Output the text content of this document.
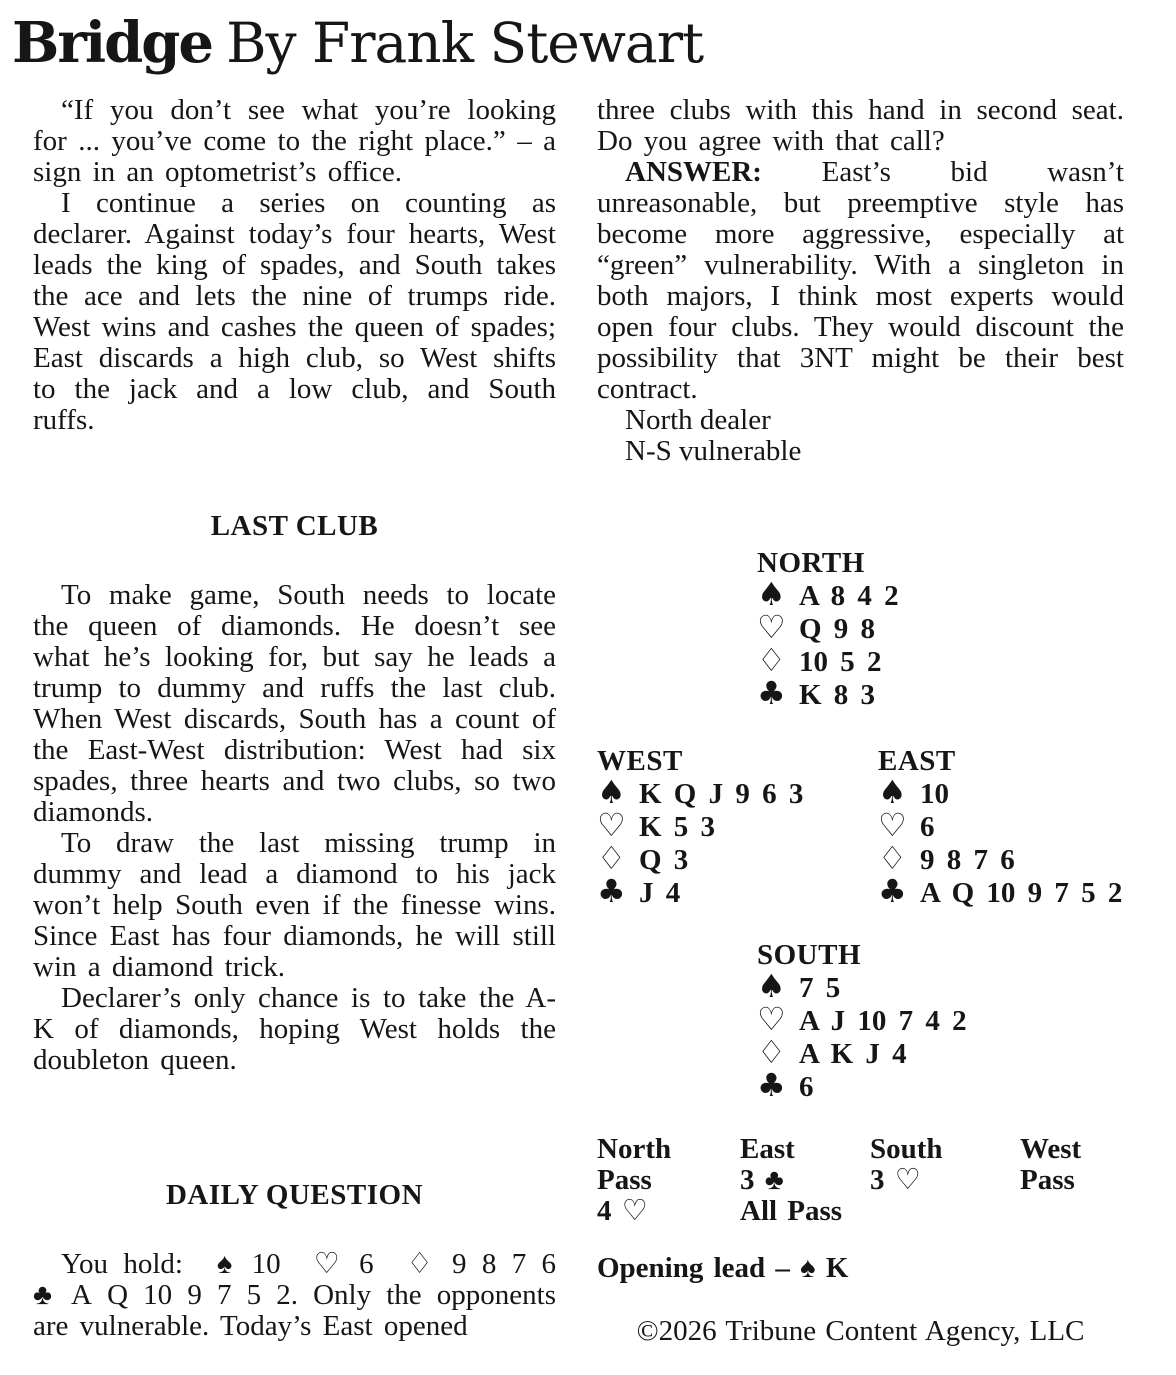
Bridge By Frank Stewart

“If you don’t see what you’re looking for ... you’ve come to the right place.” – a sign in an optometrist’s office.

I continue a series on counting as declarer. Against today’s four hearts, West leads the king of spades, and South takes the ace and lets the nine of trumps ride. West wins and cashes the queen of spades; East discards a high club, so West shifts to the jack and a low club, and South ruffs.

LAST CLUB

To make game, South needs to locate the queen of diamonds. He doesn’t see what he’s looking for, but say he leads a trump to dummy and ruffs the last club. When West discards, South has a count of the East-West distribution: West had six spades, three hearts and two clubs, so two diamonds.

To draw the last missing trump in dummy and lead a diamond to his jack won’t help South even if the finesse wins. Since East has four diamonds, he will still win a diamond trick.

Declarer’s only chance is to take the A-K of diamonds, hoping West holds the doubleton queen.

DAILY QUESTION

You hold:  ♠ 10 ♡ 6 ♢ 9 8 7 6 ♣ A Q 10 9 7 5 2. Only the opponents are vulnerable. Today’s East opened

three clubs with this hand in second seat. Do you agree with that call?

ANSWER: East’s bid wasn’t unreasonable, but preemptive style has become more aggressive, especially at “green” vulnerability. With a singleton in both majors, I think most experts would open four clubs. They would discount the possibility that 3NT might be their best contract.

North dealer

N-S vulnerable

NORTH
♠ A 8 4 2
♡ Q 9 8
♢ 10 5 2
♣ K 8 3
WEST
♠ K Q J 9 6 3
♡ K 5 3
♢ Q 3
♣ J 4
EAST
♠ 10
♡ 6
♢ 9 8 7 6
♣ A Q 10 9 7 5 2
SOUTH
♠ 7 5
♡ A J 10 7 4 2
♢ A K J 4
♣ 6
North	East	South	West
Pass	3 ♣	3 ♡	Pass
4 ♡	All Pass

Opening lead – ♠ K

©2026 Tribune Content Agency, LLC
